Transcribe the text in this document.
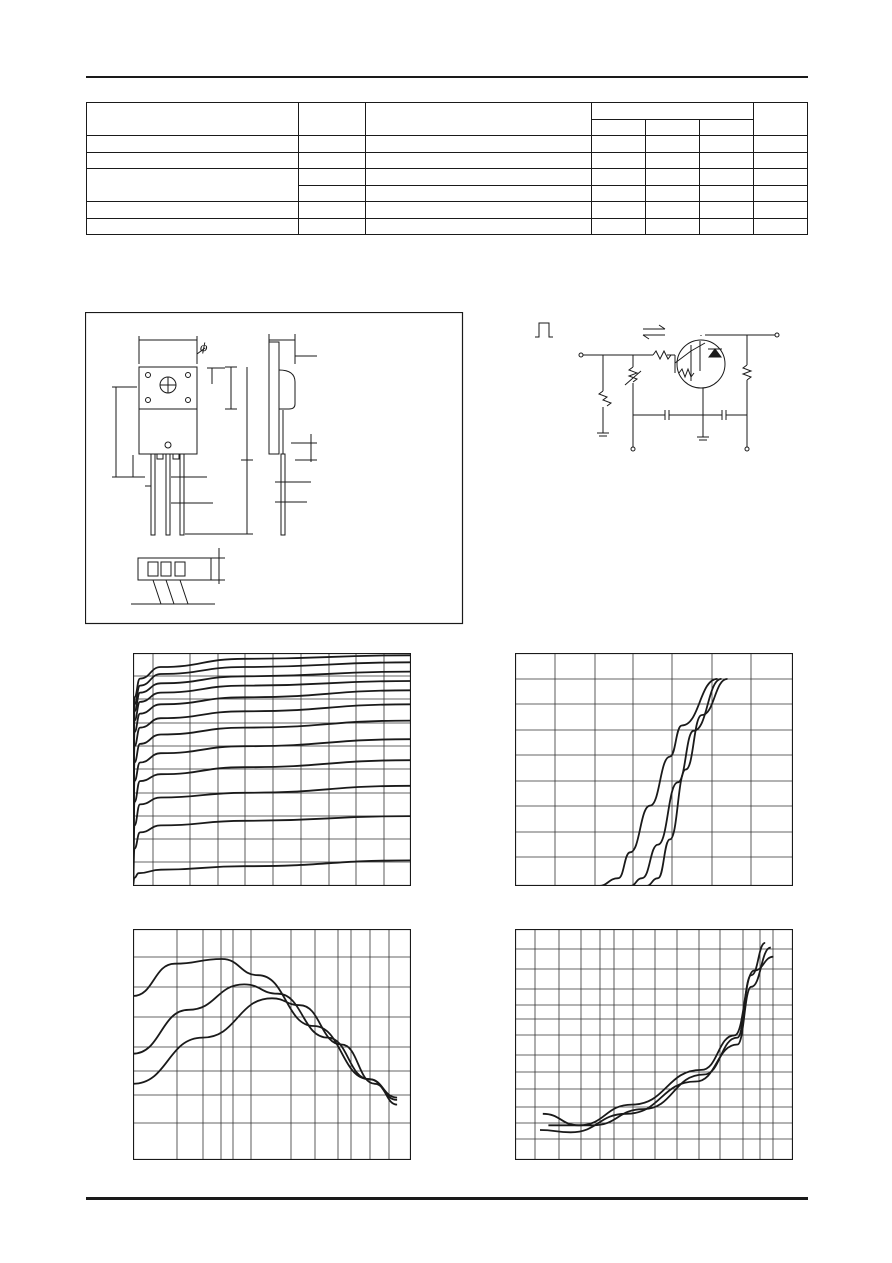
ϕ
